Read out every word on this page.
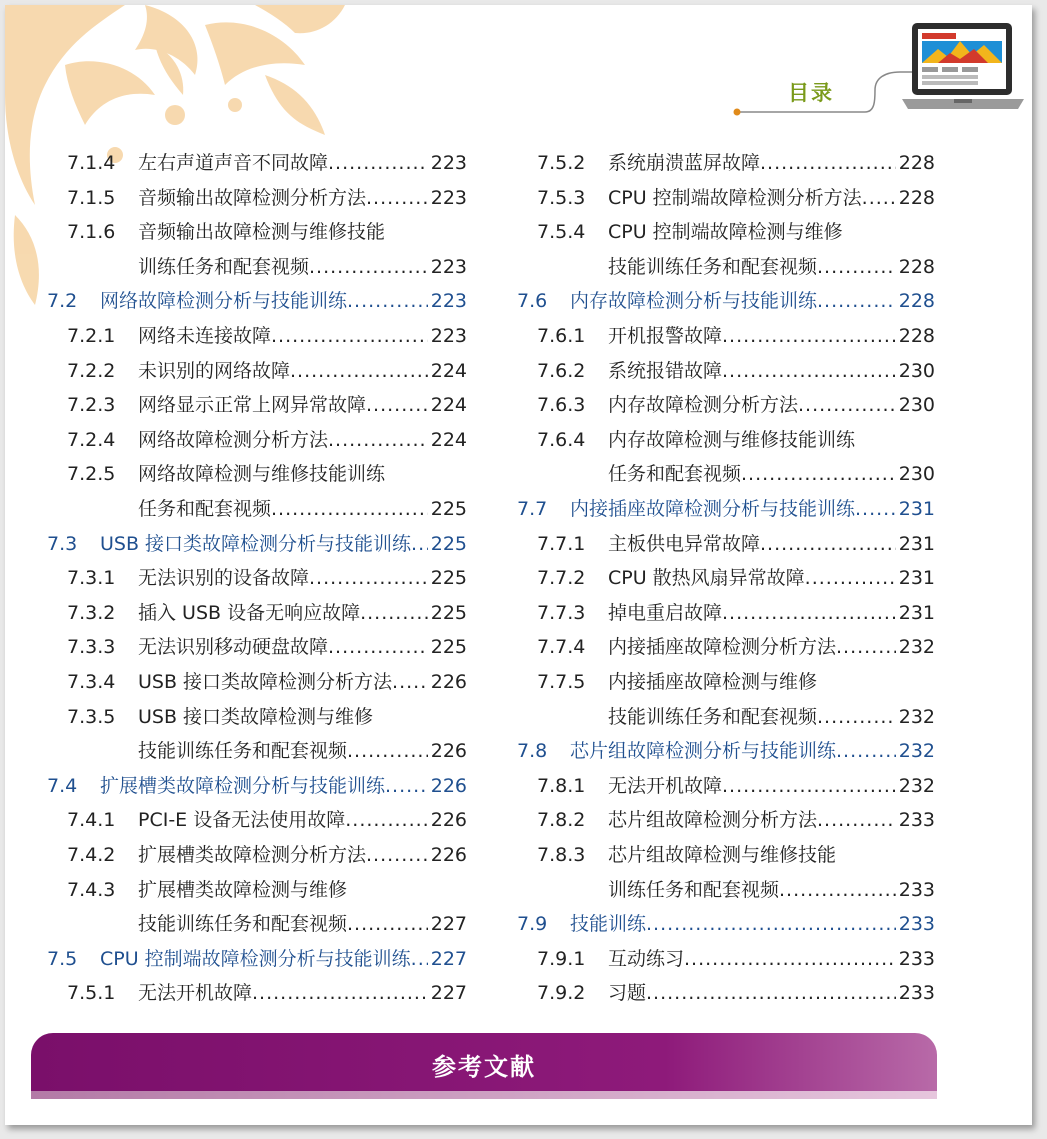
目录
7.1.4 左右声道声音不同故障 .....	223
7.1.5 音频输出故障检测分析方法 .....	223
7.1.6 音频输出故障检测与维修技能
训练任务和配套视频 .....	223
7.2 网络故障检测分析与技能训练 .....	223
7.2.1 网络未连接故障 .....	223
7.2.2 未识别的网络故障 .....	224
7.2.3 网络显示正常上网异常故障 .....	224
7.2.4 网络故障检测分析方法 .....	224
7.2.5 网络故障检测与维修技能训练
任务和配套视频 .....	225
7.3 USB 接口类故障检测分析与技能训练 ..... 225
7.3.1 无法识别的设备故障 .....	225
7.3.2 插入 USB 设备无响应故障 .....	225
7.3.3 无法识别移动硬盘故障 .....	225
7.3.4 USB 接口类故障检测分析方法 ..... 226
7.3.5 USB 接口类故障检测与维修
技能训练任务和配套视频 .....	226
7.4 扩展槽类故障检测分析与技能训练 ..... 226
7.4.1 PCI-E 设备无法使用故障 .....	226
7.4.2 扩展槽类故障检测分析方法 .....	226
7.4.3 扩展槽类故障检测与维修
技能训练任务和配套视频 .....	227
7.5 CPU 控制端故障检测分析与技能训练 ..... 227
7.5.1 无法开机故障 .....	227
7.5.2 系统崩溃蓝屏故障 .....	228
7.5.3 CPU 控制端故障检测分析方法 ..... 228
7.5.4 CPU 控制端故障检测与维修
技能训练任务和配套视频 .....	228
7.6 内存故障检测分析与技能训练 .....	228
7.6.1 开机报警故障 .....	228
7.6.2 系统报错故障 .....	230
7.6.3 内存故障检测分析方法 .....	230
7.6.4 内存故障检测与维修技能训练
任务和配套视频 .....	230
7.7 内接插座故障检测分析与技能训练 ..... 231
7.7.1 主板供电异常故障 .....	231
7.7.2 CPU 散热风扇异常故障 .....	231
7.7.3 掉电重启故障 .....	231
7.7.4 内接插座故障检测分析方法 .....	232
7.7.5 内接插座故障检测与维修
技能训练任务和配套视频 .....	232
7.8 芯片组故障检测分析与技能训练 .....	232
7.8.1 无法开机故障 .....	232
7.8.2 芯片组故障检测分析方法 .....	233
7.8.3 芯片组故障检测与维修技能
训练任务和配套视频 .....	233
7.9 技能训练 .....	233
7.9.1 互动练习 .....	233
7.9.2 习题 .....	233
参考文献
